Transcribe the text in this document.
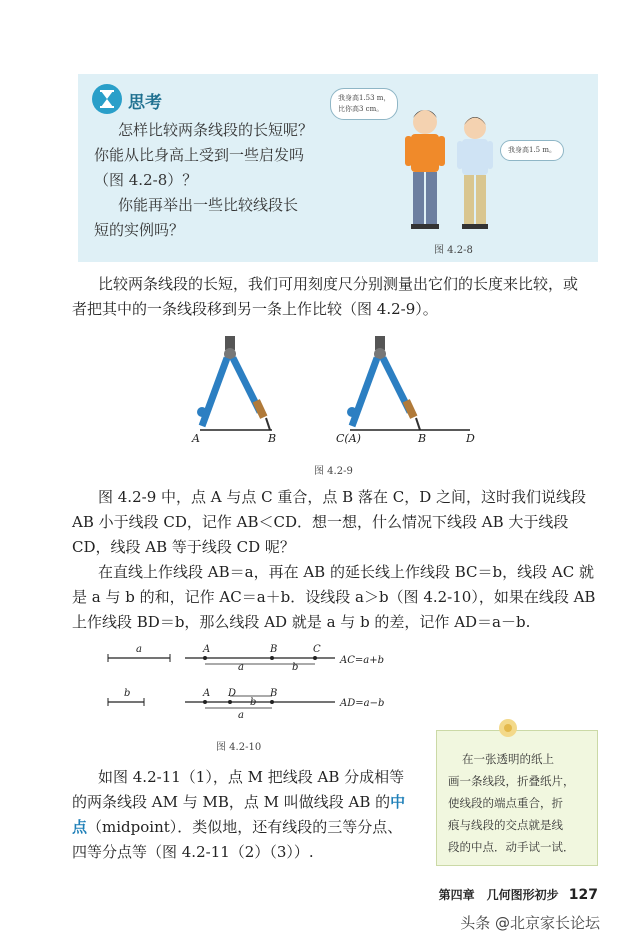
思考
怎样比较两条线段的长短呢？
你能从比身高上受到一些启发吗
（图 4.2-8）？
你能再举出一些比较线段长
短的实例吗？
我身高1.53 m，
比你高3 cm。
我身高1.5 m。
图 4.2-8
比较两条线段的长短，我们可用刻度尺分别测量出它们的长度来比较，或
者把其中的一条线段移到另一条上作比较（图 4.2-9）。
A	B	C(A)	B	D
图 4.2-9
图 4.2-9 中，点 A 与点 C 重合，点 B 落在 C，D 之间，这时我们说线段
AB 小于线段 CD，记作 AB＜CD．想一想，什么情况下线段 AB 大于线段
CD，线段 AB 等于线段 CD 呢？
在直线上作线段 AB＝a，再在 AB 的延长线上作线段 BC＝b，线段 AC 就
是 a 与 b 的和，记作 AC＝a＋b．设线段 a＞b（图 4.2-10），如果在线段 AB
上作线段 BD＝b，那么线段 AD 就是 a 与 b 的差，记作 AD＝a－b.
a
b
A	B	C
a	b
AC=a+b
A D	B
a
b	AD=a−b
图 4.2-10
如图 4.2-11（1），点 M 把线段 AB 分成相等
的两条线段 AM 与 MB，点 M 叫做线段 AB 的中
点（midpoint）．类似地，还有线段的三等分点、
四等分点等（图 4.2-11（2）（3））.
在一张透明的纸上
画一条线段，折叠纸片，
使线段的端点重合，折
痕与线段的交点就是线
段的中点．动手试一试．
第四章　几何图形初步 127
头条 @北京家长论坛
